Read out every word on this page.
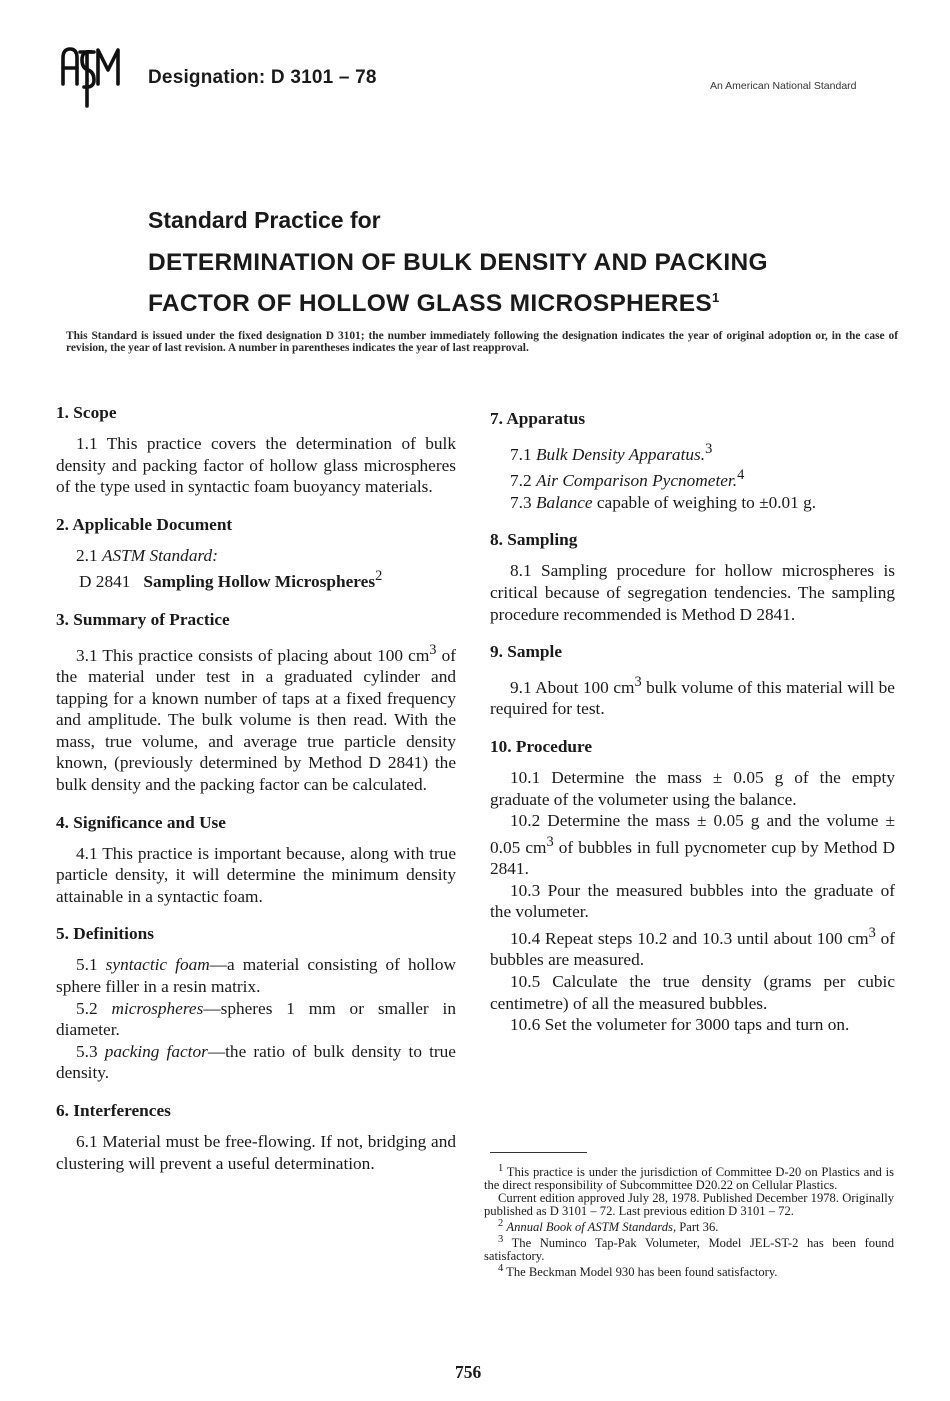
Designation: D 3101 – 78	An American National Standard
Standard Practice for
DETERMINATION OF BULK DENSITY AND PACKING
FACTOR OF HOLLOW GLASS MICROSPHERES$^1$
This Standard is issued under the fixed designation D 3101; the number immediately following the designation indicates the year of original adoption or, in the case of revision, the year of last revision. A number in parentheses indicates the year of last reapproval.
1. Scope

1.1 This practice covers the determination of bulk density and packing factor of hollow glass microspheres of the type used in syntactic foam buoyancy materials.

2. Applicable Document

2.1 ASTM Standard:

D 2841 Sampling Hollow Microspheres$^2$

3. Summary of Practice

3.1 This practice consists of placing about 100 $cm^3$ of the material under test in a graduated cylinder and tapping for a known number of taps at a fixed frequency and amplitude. The bulk volume is then read. With the mass, true volume, and average true particle density known, (previously determined by Method D 2841) the bulk density and the packing factor can be calculated.

4. Significance and Use

4.1 This practice is important because, along with true particle density, it will determine the minimum density attainable in a syntactic foam.

5. Definitions

5.1 syntactic foam—a material consisting of hollow sphere filler in a resin matrix.

5.2 microspheres—spheres 1 mm or smaller in diameter.

5.3 packing factor—the ratio of bulk density to true density.

6. Interferences

6.1 Material must be free-flowing. If not, bridging and clustering will prevent a useful determination.

7. Apparatus

7.1 Bulk Density Apparatus.$^3$

7.2 Air Comparison Pycnometer.$^4$

7.3 Balance capable of weighing to ±0.01 g.

8. Sampling

8.1 Sampling procedure for hollow microspheres is critical because of segregation tendencies. The sampling procedure recommended is Method D 2841.

9. Sample

9.1 About 100 $cm^3$ bulk volume of this material will be required for test.

10. Procedure

10.1 Determine the mass ± 0.05 g of the empty graduate of the volumeter using the balance.

10.2 Determine the mass ± 0.05 g and the volume ± 0.05 $cm^3$ of bubbles in full pycnometer cup by Method D 2841.

10.3 Pour the measured bubbles into the graduate of the volumeter.

10.4 Repeat steps 10.2 and 10.3 until about 100 $cm^3$ of bubbles are measured.

10.5 Calculate the true density (grams per cubic centimetre) of all the measured bubbles.

10.6 Set the volumeter for 3000 taps and turn on.

$^1$ This practice is under the jurisdiction of Committee D-20 on Plastics and is the direct responsibility of Subcommittee D20.22 on Cellular Plastics.

Current edition approved July 28, 1978. Published December 1978. Originally published as D 3101 – 72. Last previous edition D 3101 – 72.

$^2$ Annual Book of ASTM Standards, Part 36.

$^3$ The Numinco Tap-Pak Volumeter, Model JEL-ST-2 has been found satisfactory.

$^4$ The Beckman Model 930 has been found satisfactory.

756
